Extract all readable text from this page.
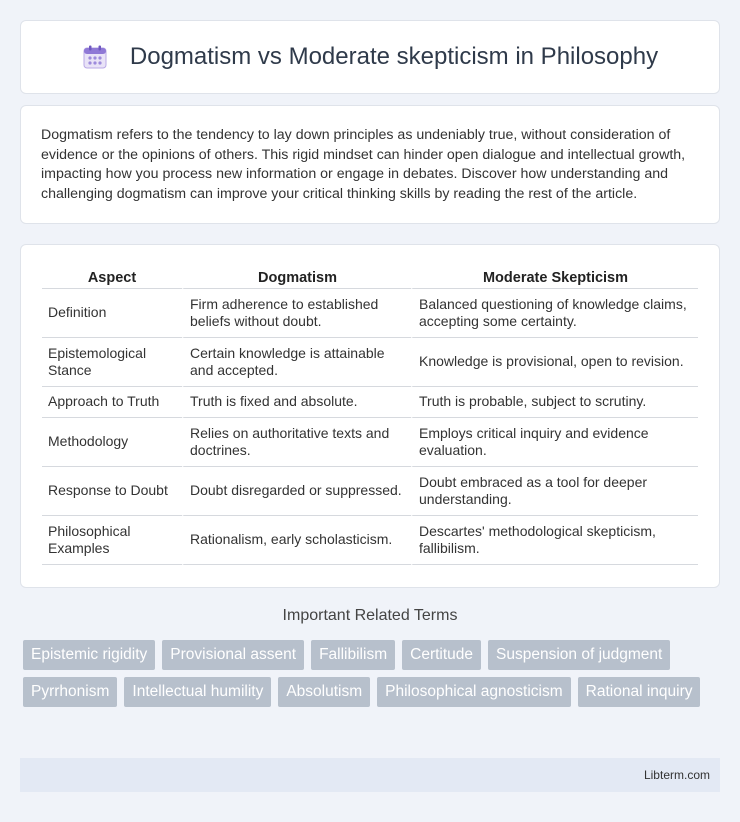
Dogmatism vs Moderate skepticism in Philosophy

Dogmatism refers to the tendency to lay down principles as undeniably true, without consideration of evidence or the opinions of others. This rigid mindset can hinder open dialogue and intellectual growth, impacting how you process new information or engage in debates. Discover how understanding and challenging dogmatism can improve your critical thinking skills by reading the rest of the article.

Aspect	Dogmatism	Moderate Skepticism
Definition	Firm adherence to established beliefs without doubt.	Balanced questioning of knowledge claims, accepting some certainty.
Epistemological Stance	Certain knowledge is attainable and accepted.	Knowledge is provisional, open to revision.
Approach to Truth	Truth is fixed and absolute.	Truth is probable, subject to scrutiny.
Methodology	Relies on authoritative texts and doctrines.	Employs critical inquiry and evidence evaluation.
Response to Doubt	Doubt disregarded or suppressed.	Doubt embraced as a tool for deeper understanding.
Philosophical Examples	Rationalism, early scholasticism.	Descartes' methodological skepticism, fallibilism.
Important Related Terms
Epistemic rigidity	Provisional assent	Fallibilism	Certitude	Suspension of judgment
Pyrrhonism	Intellectual humility	Absolutism	Philosophical agnosticism	Rational inquiry
Libterm.com
